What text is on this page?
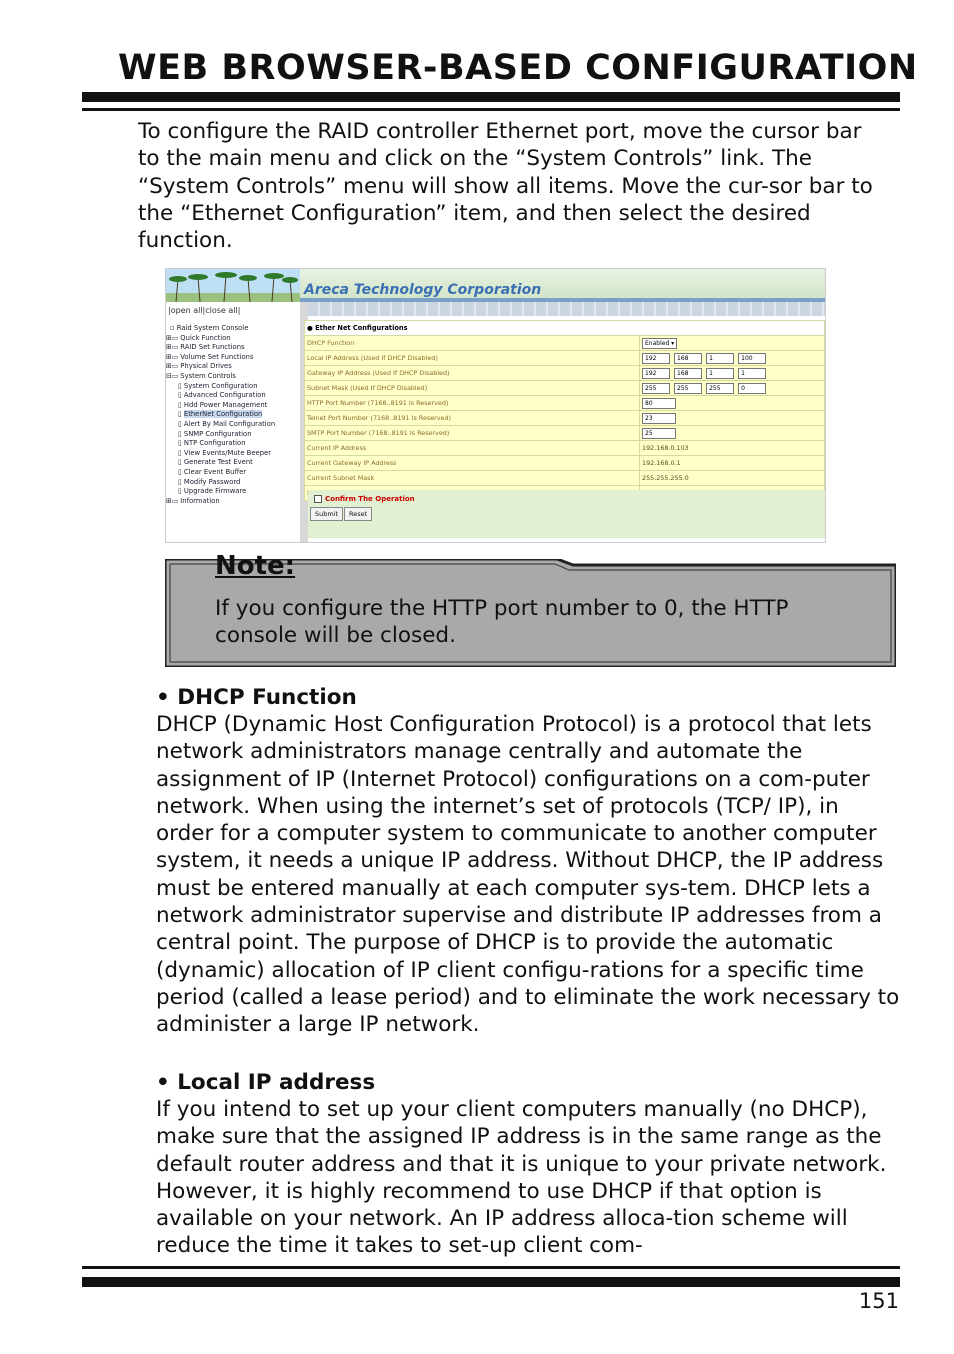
WEB BROWSER-BASED CONFIGURATION

To configure the RAID controller Ethernet port, move the cursor bar to the main menu and click on the “System Controls” link. The “System Controls” menu will show all items. Move the cur-sor bar to the “Ethernet Configuration” item, and then select the desired function.

Areca Technology Corporation
|open all|close all|
▫ Raid System Console
⊞▭ Quick Function
⊞▭ RAID Set Functions
⊞▭ Volume Set Functions
⊞▭ Physical Drives
⊟▭ System Controls
▯ System Configuration
▯ Advanced Configuration
▯ Hdd Power Management
▯ EtherNet Configuration
▯ Alert By Mail Configuration
▯ SNMP Configuration
▯ NTP Configuration
▯ View Events/Mute Beeper
▯ Generate Test Event
▯ Clear Event Buffer
▯ Modify Password
▯ Upgrade Firmware
⊞▭ Information
● Ether Net Configurations	
DHCP Function	Enabled ▾
Local IP Address (Used If DHCP Disabled)	192 168 1 100
Gateway IP Address (Used If DHCP Disabled)	192 168 1 1
Subnet Mask (Used If DHCP Disabled)	255 255 255 0
HTTP Port Number (7168..8191 Is Reserved)	80
Telnet Port Number (7168..8191 Is Reserved)	23
SMTP Port Number (7168..8191 Is Reserved)	25
Current IP Address	192.168.0.103
Current Gateway IP Address	192.168.0.1
Current Subnet Mask	255.255.255.0

Confirm The Operation
Submit	Reset

Note:

If you configure the HTTP port number to 0, the HTTP console will be closed.

• DHCP Function

DHCP (Dynamic Host Configuration Protocol) is a protocol that lets network administrators manage centrally and automate the assignment of IP (Internet Protocol) configurations on a com-puter network. When using the internet’s set of protocols (TCP/ IP), in order for a computer system to communicate to another computer system, it needs a unique IP address. Without DHCP, the IP address must be entered manually at each computer sys-tem. DHCP lets a network administrator supervise and distribute IP addresses from a central point. The purpose of DHCP is to provide the automatic (dynamic) allocation of IP client configu-rations for a specific time period (called a lease period) and to eliminate the work necessary to administer a large IP network.

• Local IP address

If you intend to set up your client computers manually (no DHCP), make sure that the assigned IP address is in the same range as the default router address and that it is unique to your private network. However, it is highly recommend to use DHCP if that option is available on your network. An IP address alloca-tion scheme will reduce the time it takes to set-up client com-

151
